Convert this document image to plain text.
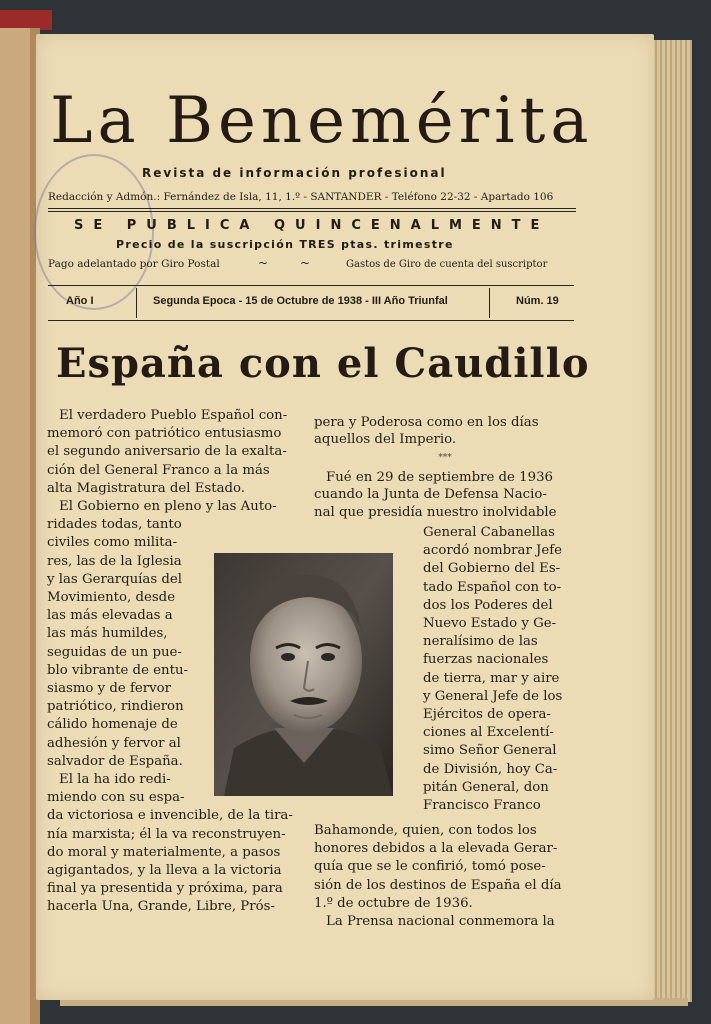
La Benemérita
Revista de información profesional
Redacción y Admón.: Fernández de Isla, 11, 1.º - SANTANDER - Teléfono 22-32 - Apartado 106
SE PUBLICA QUINCENALMENTE
Precio de la suscripción TRES ptas. trimestre
Pago adelantado por Giro Postal	~	~	Gastos de Giro de cuenta del suscriptor
Año I	Segunda Epoca - 15 de Octubre de 1938 - III Año Triunfal	Núm. 19
España con el Caudillo
El verdadero Pueblo Español con-
memoró con patriótico entusiasmo
el segundo aniversario de la exalta-
ción del General Franco a la más
alta Magistratura del Estado.
El Gobierno en pleno y las Auto-
ridades todas, tanto
civiles como milita-
res, las de la Iglesia
y las Gerarquías del
Movimiento, desde
las más elevadas a
las más humildes,
seguidas de un pue-
blo vibrante de entu-
siasmo y de fervor
patriótico, rindieron
cálido homenaje de
adhesión y fervor al
salvador de España.
El la ha ido redi-
miendo con su espa-
da victoriosa e invencible, de la tira-
nía marxista; él la va reconstruyen-
do moral y materialmente, a pasos
agigantados, y la lleva a la victoria
final ya presentida y próxima, para
hacerla Una, Grande, Libre, Prós-
pera y Poderosa como en los días
aquellos del Imperio.
***
Fué en 29 de septiembre de 1936
cuando la Junta de Defensa Nacio-
nal que presidía nuestro inolvidable
General Cabanellas
acordó nombrar Jefe
del Gobierno del Es-
tado Español con to-
dos los Poderes del
Nuevo Estado y Ge-
neralísimo de las
fuerzas nacionales
de tierra, mar y aire
y General Jefe de los
Ejércitos de opera-
ciones al Excelentí-
simo Señor General
de División, hoy Ca-
pitán General, don
Francisco Franco
Bahamonde, quien, con todos los
honores debidos a la elevada Gerar-
quía que se le confirió, tomó pose-
sión de los destinos de España el día
1.º de octubre de 1936.
La Prensa nacional conmemora la
